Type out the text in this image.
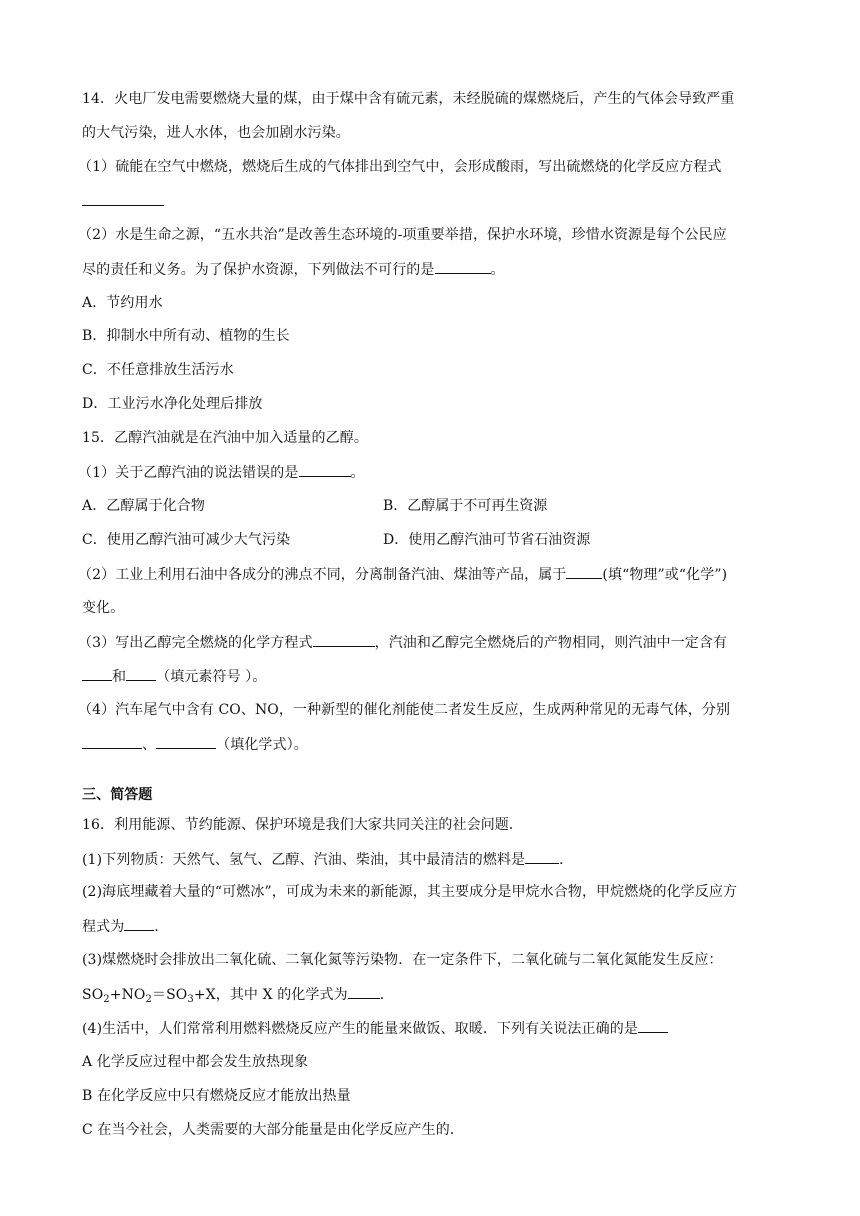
14．火电厂发电需要燃烧大量的煤，由于煤中含有硫元素，未经脱硫的煤燃烧后，产生的气体会导致严重
的大气污染，进人水体，也会加剧水污染。
（1）硫能在空气中燃烧，燃烧后生成的气体排出到空气中，会形成酸雨，写出硫燃烧的化学反应方程式
（2）水是生命之源，“五水共治”是改善生态环境的-项重要举措，保护水环境，珍惜水资源是每个公民应
尽的责任和义务。为了保护水资源，下列做法不可行的是	。
A．节约用水
B．抑制水中所有动、植物的生长
C．不任意排放生活污水
D．工业污水净化处理后排放
15．乙醇汽油就是在汽油中加入适量的乙醇。
（1）关于乙醇汽油的说法错误的是	。
A．乙醇属于化合物	B．乙醇属于不可再生资源
C．使用乙醇汽油可减少大气污染	D．使用乙醇汽油可节省石油资源
（2）工业上利用石油中各成分的沸点不同，分离制备汽油、煤油等产品，属于	(填“物理”或“化学”)
变化。
（3）写出乙醇完全燃烧的化学方程式	，汽油和乙醇完全燃烧后的产物相同，则汽油中一定含有
和 （填元素符号 ）。
（4）汽车尾气中含有 CO、NO，一种新型的催化剂能使二者发生反应，生成两种常见的无毒气体，分别
、	（填化学式）。
三、简答题
16．利用能源、节约能源、保护环境是我们大家共同关注的社会问题．
(1)下列物质：天然气、氢气、乙醇、汽油、柴油，其中最清洁的燃料是 ．
(2)海底埋藏着大量的“可燃冰”，可成为未来的新能源，其主要成分是甲烷水合物，甲烷燃烧的化学反应方
程式为 ．
(3)煤燃烧时会排放出二氧化硫、二氧化氮等污染物．在一定条件下，二氧化硫与二氧化氮能发生反应：
$SO_2+NO_2=SO_3+X$，其中 X 的化学式为 ．
(4)生活中，人们常常利用燃料燃烧反应产生的能量来做饭、取暖．下列有关说法正确的是
A 化学反应过程中都会发生放热现象
B 在化学反应中只有燃烧反应才能放出热量
C 在当今社会，人类需要的大部分能量是由化学反应产生的．
